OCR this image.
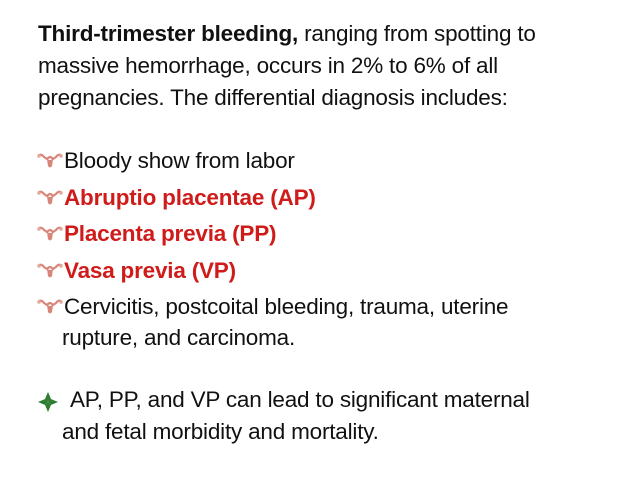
Third-trimester bleeding, ranging from spotting to massive hemorrhage, occurs in 2% to 6% of all pregnancies. The differential diagnosis includes:
Bloody show from labor
Abruptio placentae (AP)
Placenta previa (PP)
Vasa previa (VP)
Cervicitis, postcoital bleeding, trauma, uterine
rupture, and carcinoma.
AP, PP, and VP can lead to significant maternal
and fetal morbidity and mortality.
